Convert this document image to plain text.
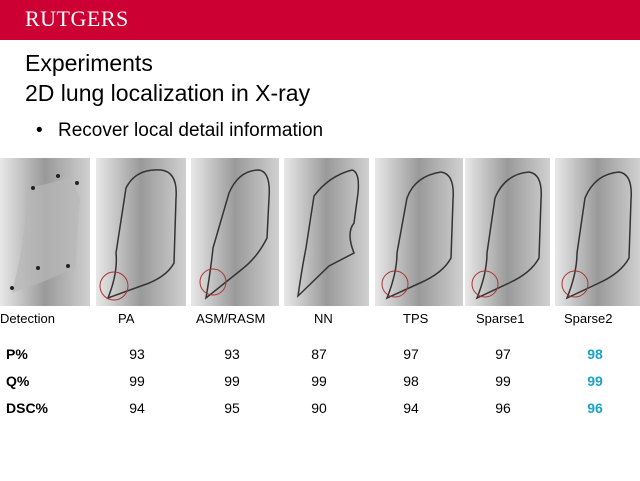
RUTGERS
Experiments
2D lung localization in X-ray
• Recover local detail information
Detection	PA	ASM/RASM	NN	TPS	Sparse1	Sparse2
P%	93	93	87	97	97	98
Q%	99	99	99	98	99	99
DSC%	94	95	90	94	96	96
